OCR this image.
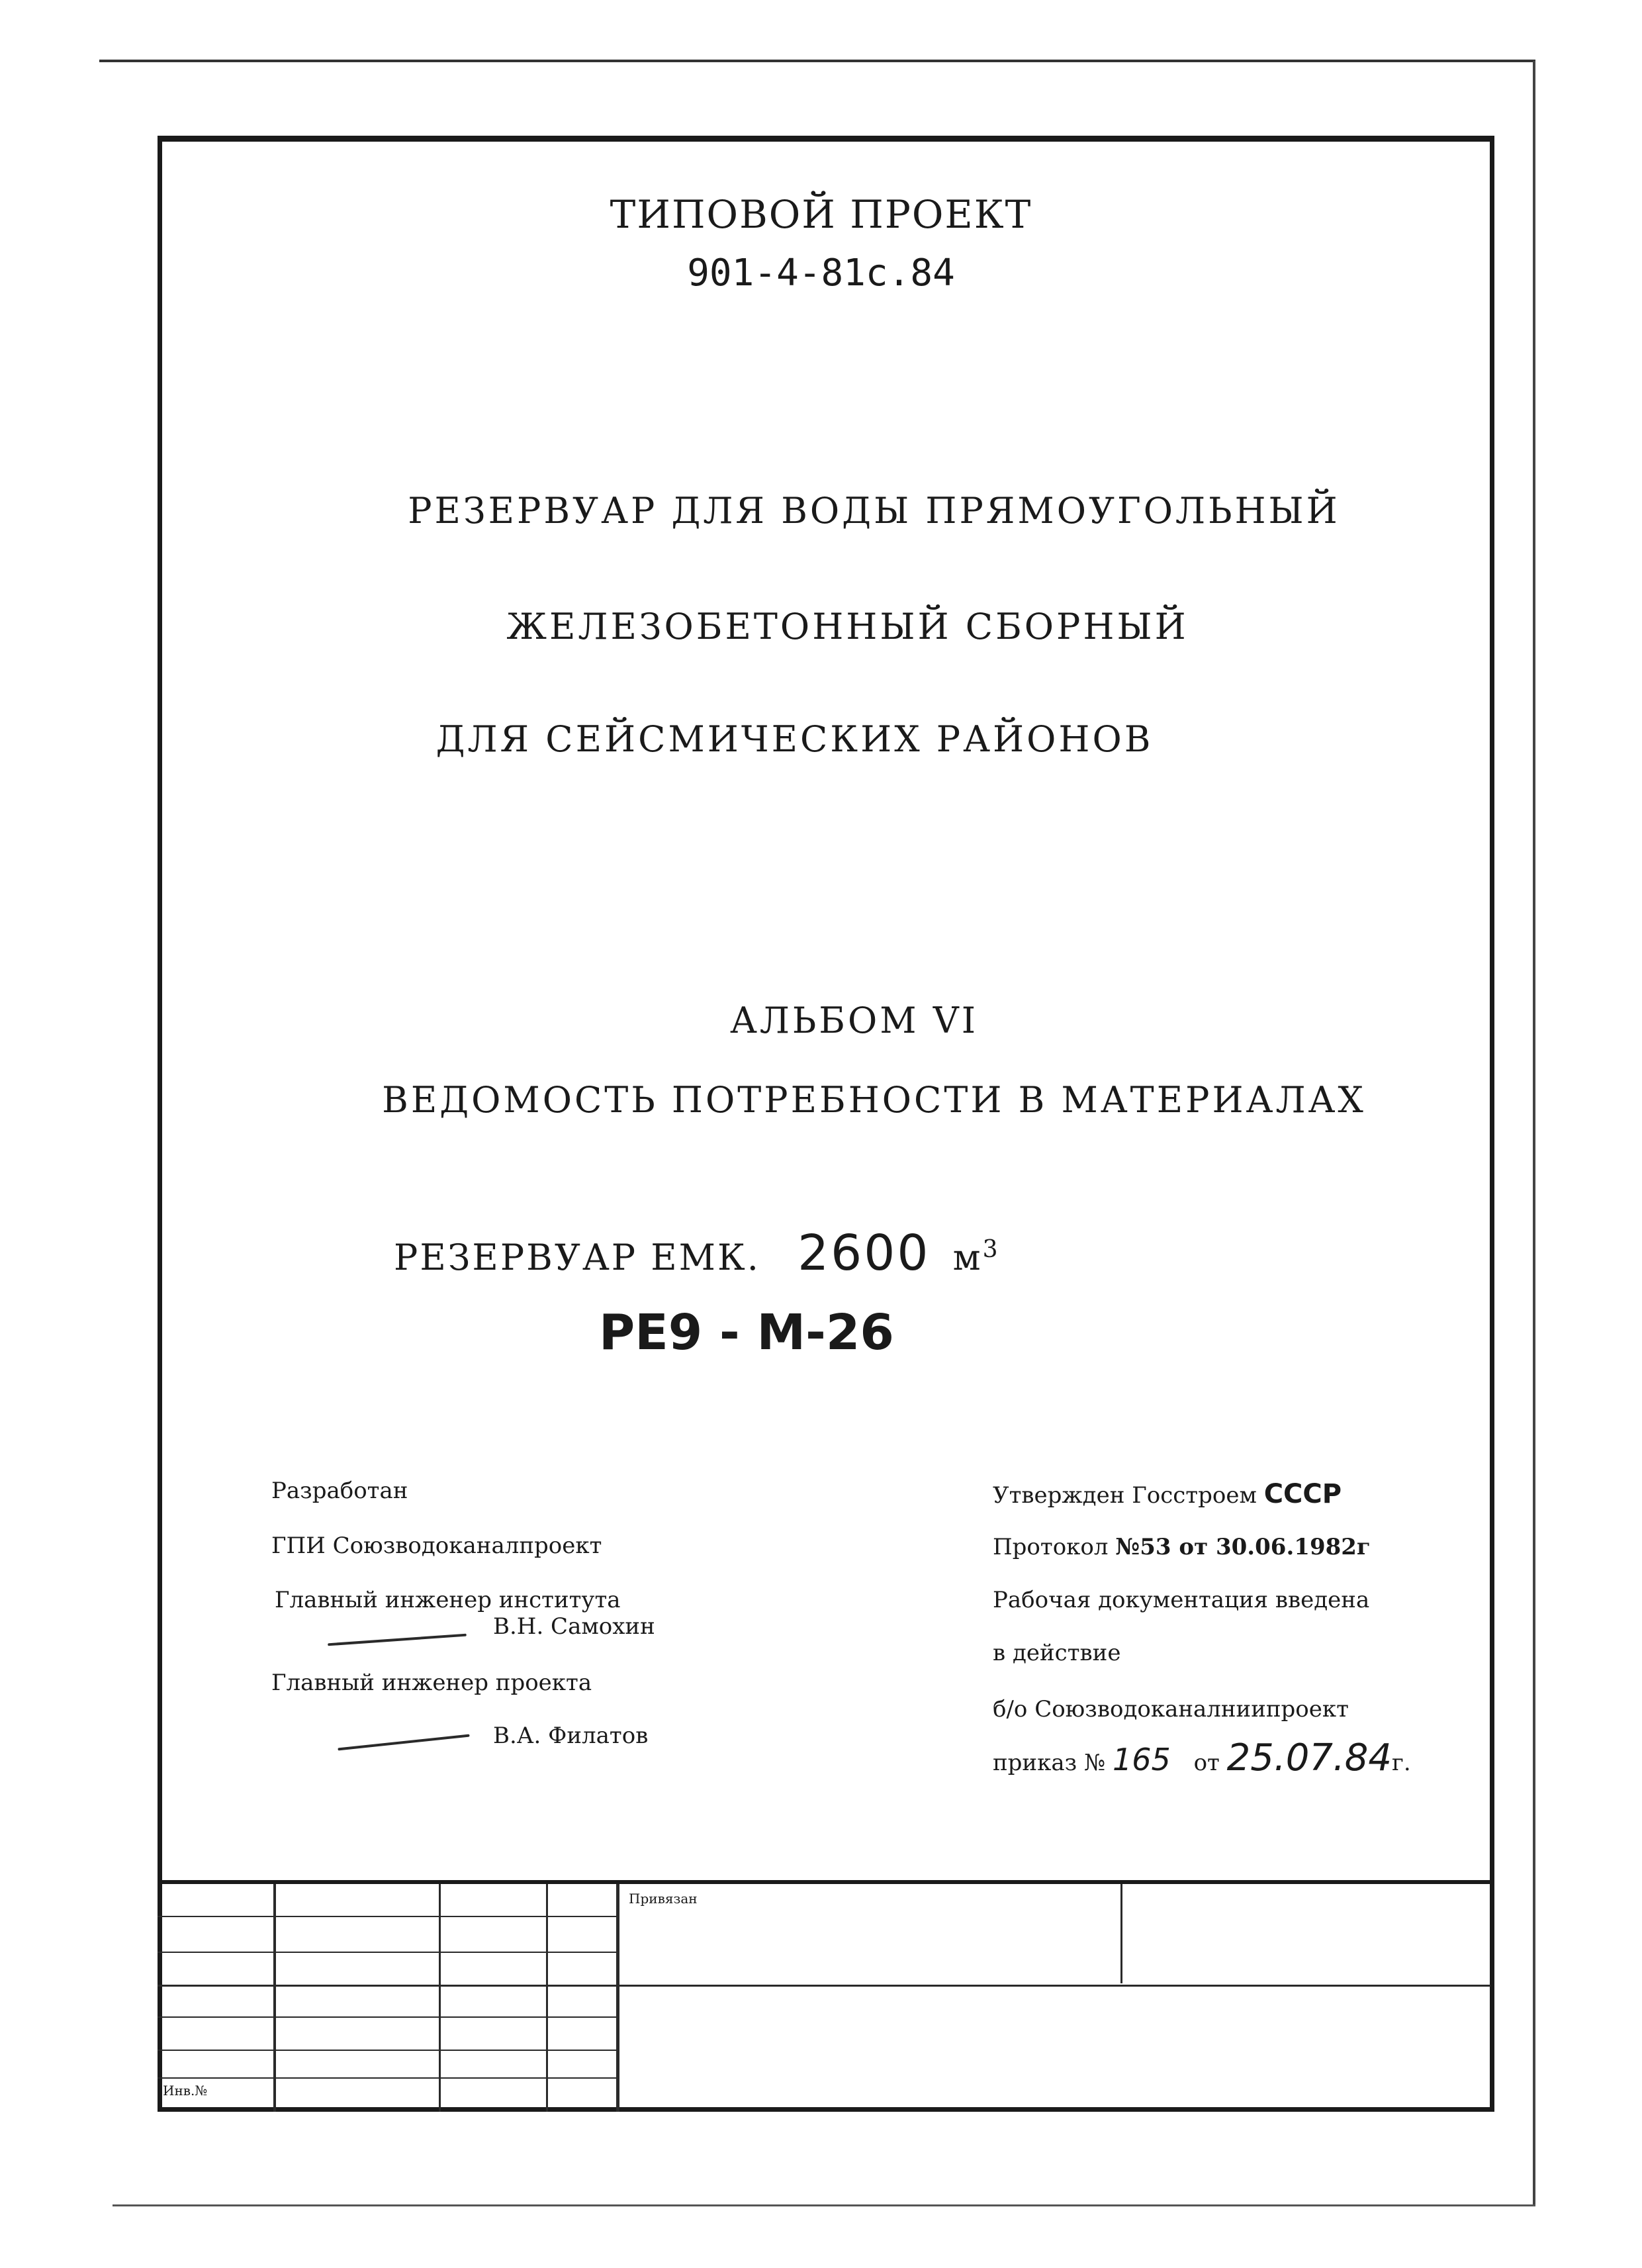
ТИПОВОЙ ПРОЕКТ
901-4-81с.84
РЕЗЕРВУАР ДЛЯ ВОДЫ ПРЯМОУГОЛЬНЫЙ
ЖЕЛЕЗОБЕТОННЫЙ СБОРНЫЙ
ДЛЯ СЕЙСМИЧЕСКИХ РАЙОНОВ
АЛЬБОМ VI
ВЕДОМОСТЬ ПОТРЕБНОСТИ В МАТЕРИАЛАХ
РЕЗЕРВУАР ЕМК. 2600 $м^3$
РЕ9 - М-26
Разработан
ГПИ Союзводоканалпроект
Главный инженер института
В.Н. Самохин
Главный инженер проекта
В.А. Филатов
Утвержден Госстроем СССР
Протокол №53 от 30.06.1982г
Рабочая документация введена
в действие
б/о Союзводоканалниипроект
приказ № 165 от 25.07.84г.
Привязан
Инв.№
